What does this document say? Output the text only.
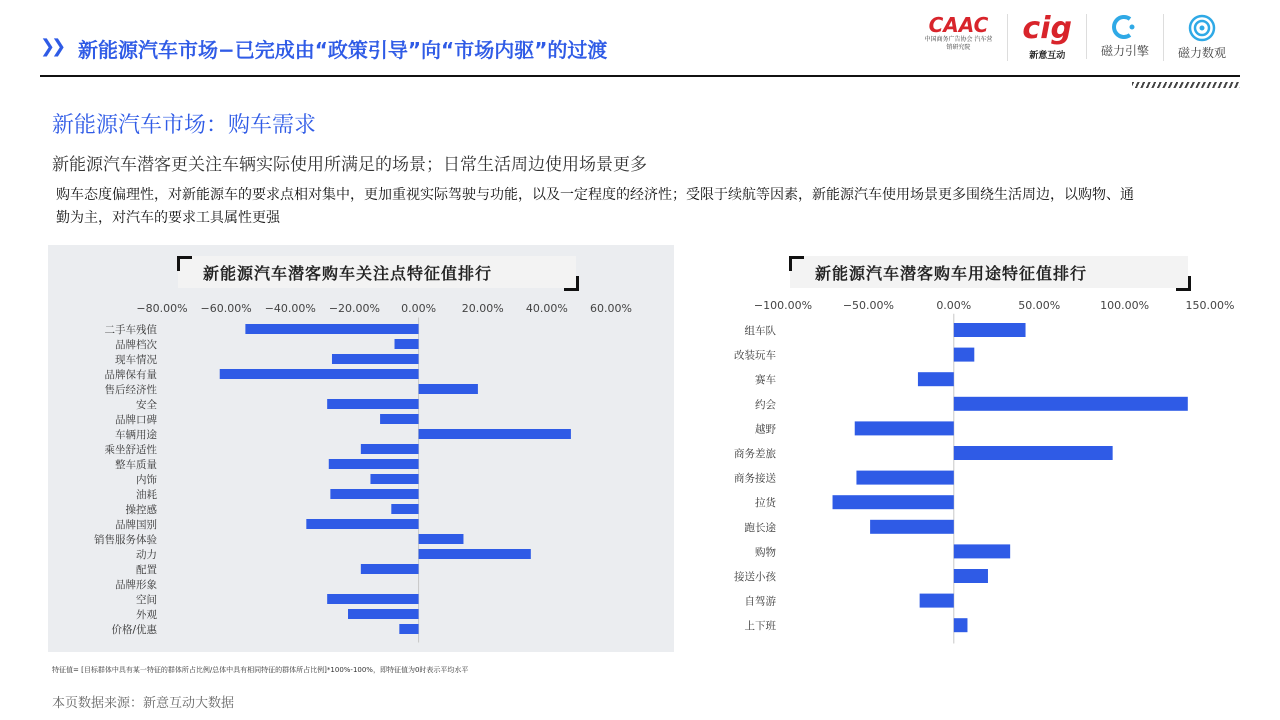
❯❯ 新能源汽车市场−已完成由“政策引导”向“市场内驱”的过渡
CAAC
中国商务广告协会 汽车营销研究院
cig
新意互动	磁力引擎 磁力数观
新能源汽车市场：购车需求
新能源汽车潜客更关注车辆实际使用所满足的场景；日常生活周边使用场景更多
购车态度偏理性，对新能源车的要求点相对集中，更加重视实际驾驶与功能，以及一定程度的经济性；受限于续航等因素，新能源汽车使用场景更多围绕生活周边，以购物、通勤为主，对汽车的要求工具属性更强
新能源汽车潜客购车关注点特征值排行
−80.00% −60.00% −40.00% −20.00% 0.00% 20.00% 40.00% 60.00%
二手车残值
品牌档次
现车情况
品牌保有量
售后经济性
安全
品牌口碑
车辆用途
乘坐舒适性
整车质量
内饰
油耗
操控感
品牌国别
销售服务体验
动力
配置
品牌形象
空间
外观
价格/优惠
新能源汽车潜客购车用途特征值排行
−100.00%	−50.00%	0.00%	50.00%	100.00%	150.00%
组车队
改装玩车
赛车
约会
越野
商务差旅
商务接送
拉货
跑长途
购物
接送小孩
自驾游
上下班
特征值= [目标群体中具有某一特征的群体所占比例/总体中具有相同特征的群体所占比例]*100%-100%，即特征值为0时表示平均水平
本页数据来源：新意互动大数据
